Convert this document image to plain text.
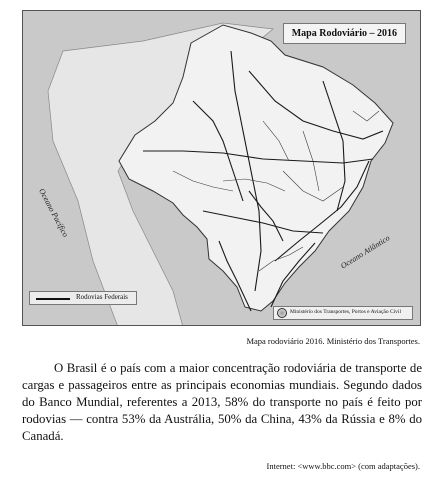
Mapa Rodoviário – 2016
Rodovias Federais
Ministério dos Transportes, Portos e Aviação Civil
Oceano Pacífico
Oceano Atlântico
Mapa rodoviário 2016. Ministério dos Transportes.

O Brasil é o país com a maior concentração rodoviária de transporte de cargas e passageiros entre as principais economias mundiais. Segundo dados do Banco Mundial, referentes a 2013, 58% do transporte no país é feito por rodovias — contra 53% da Austrália, 50% da China, 43% da Rússia e 8% do Canadá.

Internet: <www.bbc.com> (com adaptações).
